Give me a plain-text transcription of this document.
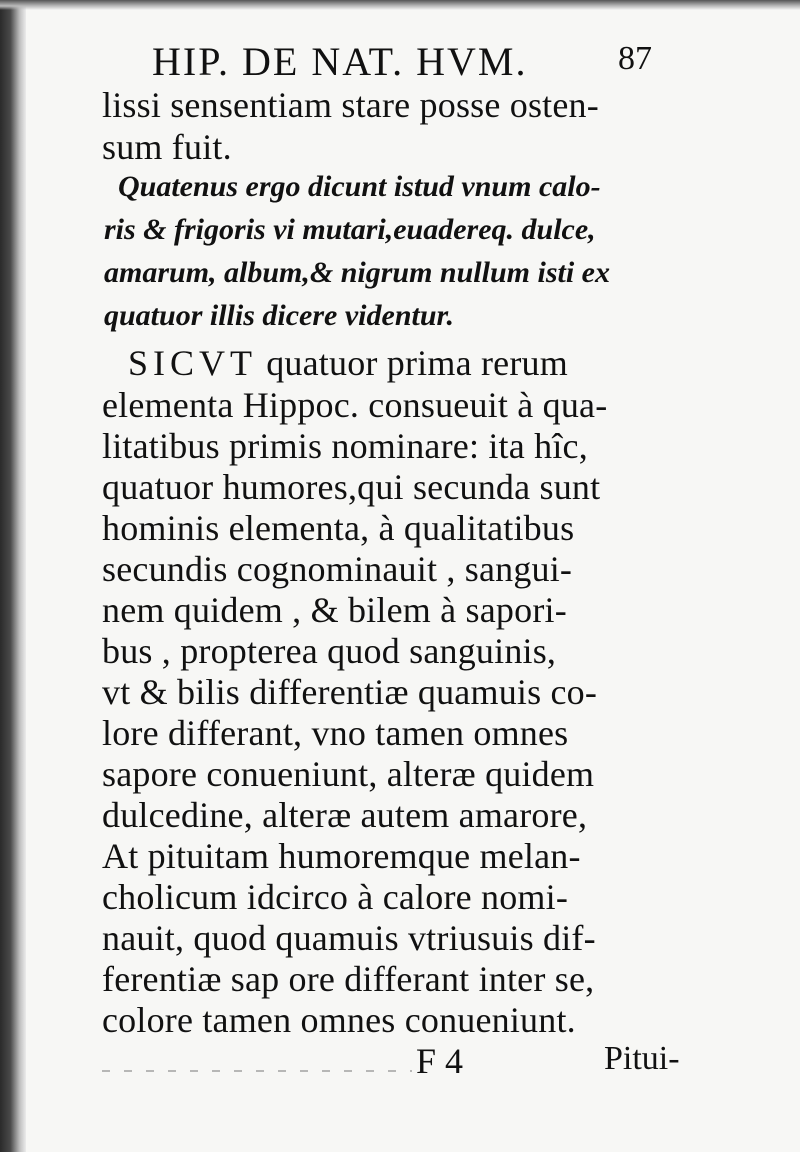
HIP. DE NAT. HVM.	87

lissi sensentiam stare posse osten-

sum fuit.

Quatenus ergo dicunt istud vnum calo-

ris & frigoris vi mutari,euadereq. dulce,

amarum, album,& nigrum nullum isti ex

quatuor illis dicere videntur.

SICVT quatuor prima rerum

elementa Hippoc. consueuit à qua-

litatibus primis nominare: ita hîc,

quatuor humores,qui secunda sunt

hominis elementa, à qualitatibus

secundis cognominauit , sangui-

nem quidem , & bilem à sapori-

bus , propterea quod sanguinis,

vt & bilis differentiæ quamuis co-

lore differant, vno tamen omnes

sapore conueniunt, alteræ quidem

dulcedine, alteræ autem amarore,

At pituitam humoremque melan-

cholicum idcirco à calore nomi-

nauit, quod quamuis vtriusuis dif-

ferentiæ sap ore differant inter se,

colore tamen omnes conueniunt.

F 4	Pitui-
